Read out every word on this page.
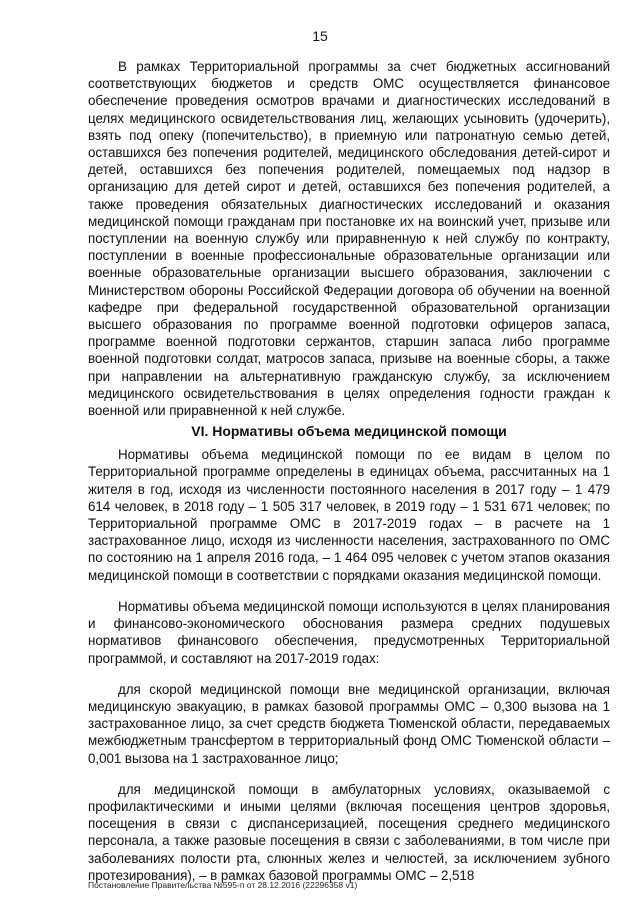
15

В рамках Территориальной программы за счет бюджетных ассигнований соответствующих бюджетов и средств ОМС осуществляется финансовое обеспечение проведения осмотров врачами и диагностических исследований в целях медицинского освидетельствования лиц, желающих усыновить (удочерить), взять под опеку (попечительство), в приемную или патронатную семью детей, оставшихся без попечения родителей, медицинского обследования детей-сирот и детей, оставшихся без попечения родителей, помещаемых под надзор в организацию для детей сирот и детей, оставшихся без попечения родителей, а также проведения обязательных диагностических исследований и оказания медицинской помощи гражданам при постановке их на воинский учет, призыве или поступлении на военную службу или приравненную к ней службу по контракту, поступлении в военные профессиональные образовательные организации или военные образовательные организации высшего образования, заключении с Министерством обороны Российской Федерации договора об обучении на военной кафедре при федеральной государственной образовательной организации высшего образования по программе военной подготовки офицеров запаса, программе военной подготовки сержантов, старшин запаса либо программе военной подготовки солдат, матросов запаса, призыве на военные сборы, а также при направлении на альтернативную гражданскую службу, за исключением медицинского освидетельствования в целях определения годности граждан к военной или приравненной к ней службе.

VI. Нормативы объема медицинской помощи

Нормативы объема медицинской помощи по ее видам в целом по Территориальной программе определены в единицах объема, рассчитанных на 1 жителя в год, исходя из численности постоянного населения в 2017 году – 1 479 614 человек, в 2018 году – 1 505 317 человек, в 2019 году – 1 531 671 человек; по Территориальной программе ОМС в 2017-2019 годах – в расчете на 1 застрахованное лицо, исходя из численности населения, застрахованного по ОМС по состоянию на 1 апреля 2016 года, – 1 464 095 человек с учетом этапов оказания медицинской помощи в соответствии с порядками оказания медицинской помощи.

Нормативы объема медицинской помощи используются в целях планирования и финансово-экономического обоснования размера средних подушевых нормативов финансового обеспечения, предусмотренных Территориальной программой, и составляют на 2017-2019 годах:

для скорой медицинской помощи вне медицинской организации, включая медицинскую эвакуацию, в рамках базовой программы ОМС – 0,300 вызова на 1 застрахованное лицо, за счет средств бюджета Тюменской области, передаваемых межбюджетным трансфертом в территориальный фонд ОМС Тюменской области – 0,001 вызова на 1 застрахованное лицо;

для медицинской помощи в амбулаторных условиях, оказываемой с профилактическими и иными целями (включая посещения центров здоровья, посещения в связи с диспансеризацией, посещения среднего медицинского персонала, а также разовые посещения в связи с заболеваниями, в том числе при заболеваниях полости рта, слюнных желез и челюстей, за исключением зубного протезирования), – в рамках базовой программы ОМС – 2,518

Постановление Правительства №595-п от 28.12.2016 (22296358 v1)
